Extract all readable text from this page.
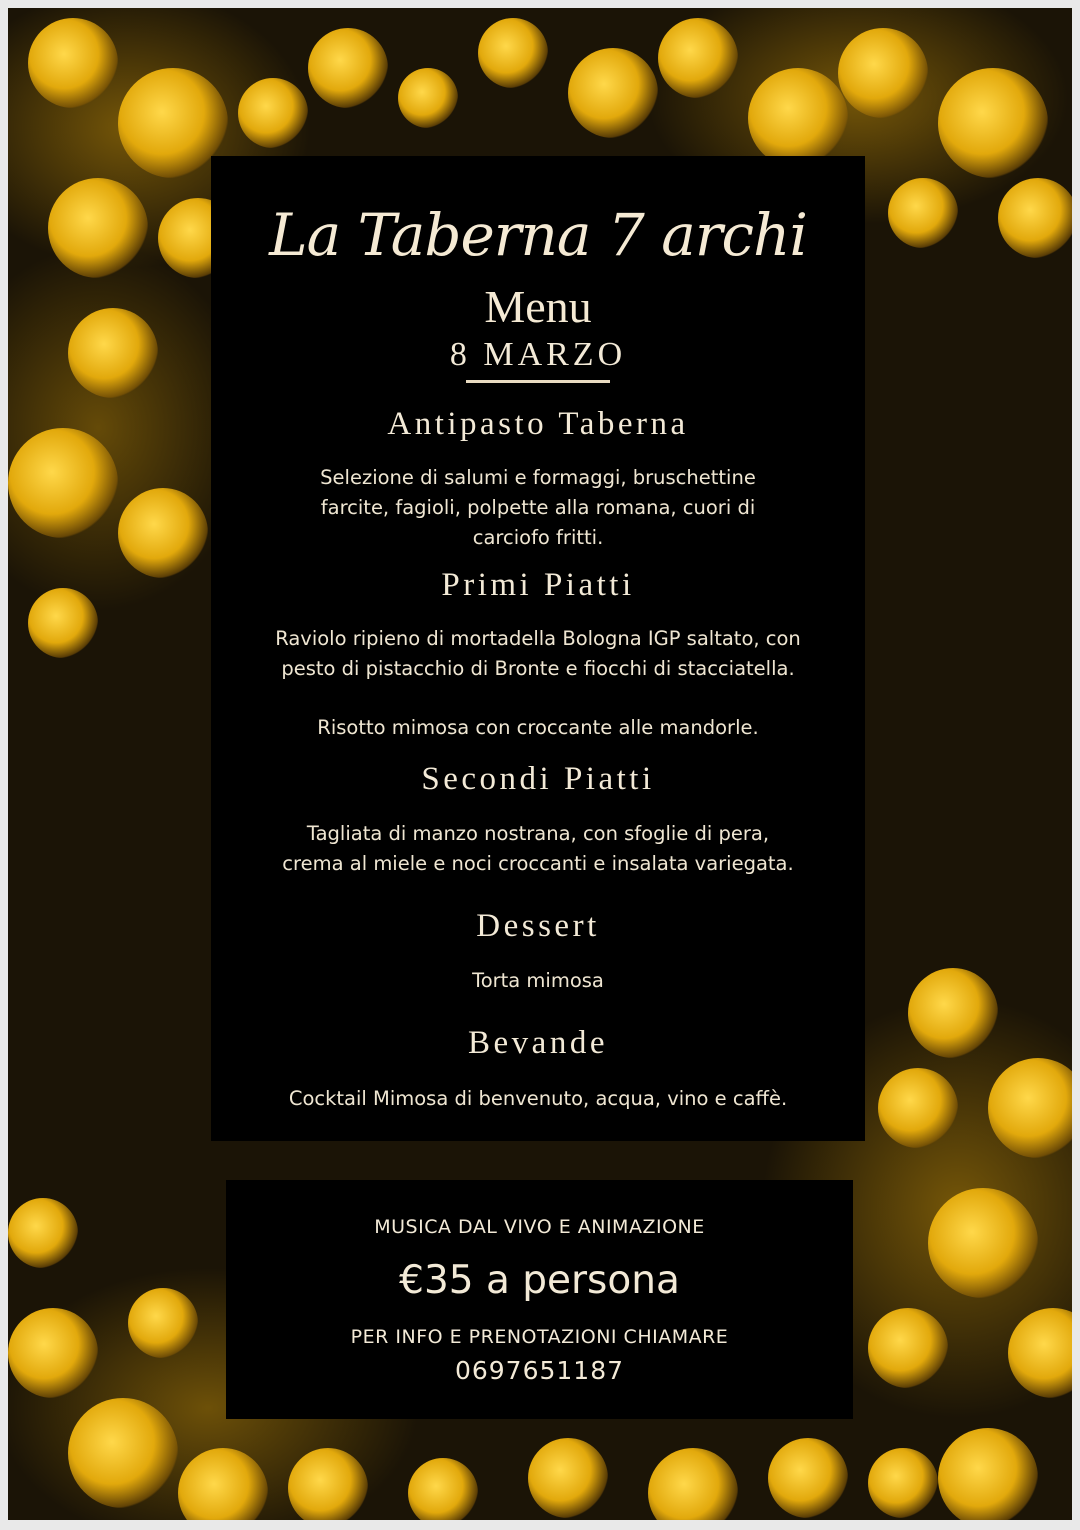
La Taberna 7 archi
Menu
8 MARZO
Antipasto Taberna
Selezione di salumi e formaggi, bruschettine
farcite, fagioli, polpette alla romana, cuori di
carciofo fritti.
Primi Piatti
Raviolo ripieno di mortadella Bologna IGP saltato, con
pesto di pistacchio di Bronte e fiocchi di stacciatella.
Risotto mimosa con croccante alle mandorle.
Secondi Piatti
Tagliata di manzo nostrana, con sfoglie di pera,
crema al miele e noci croccanti e insalata variegata.
Dessert
Torta mimosa
Bevande
Cocktail Mimosa di benvenuto, acqua, vino e caffè.
MUSICA DAL VIVO E ANIMAZIONE
€35 a persona
PER INFO E PRENOTAZIONI CHIAMARE
0697651187
